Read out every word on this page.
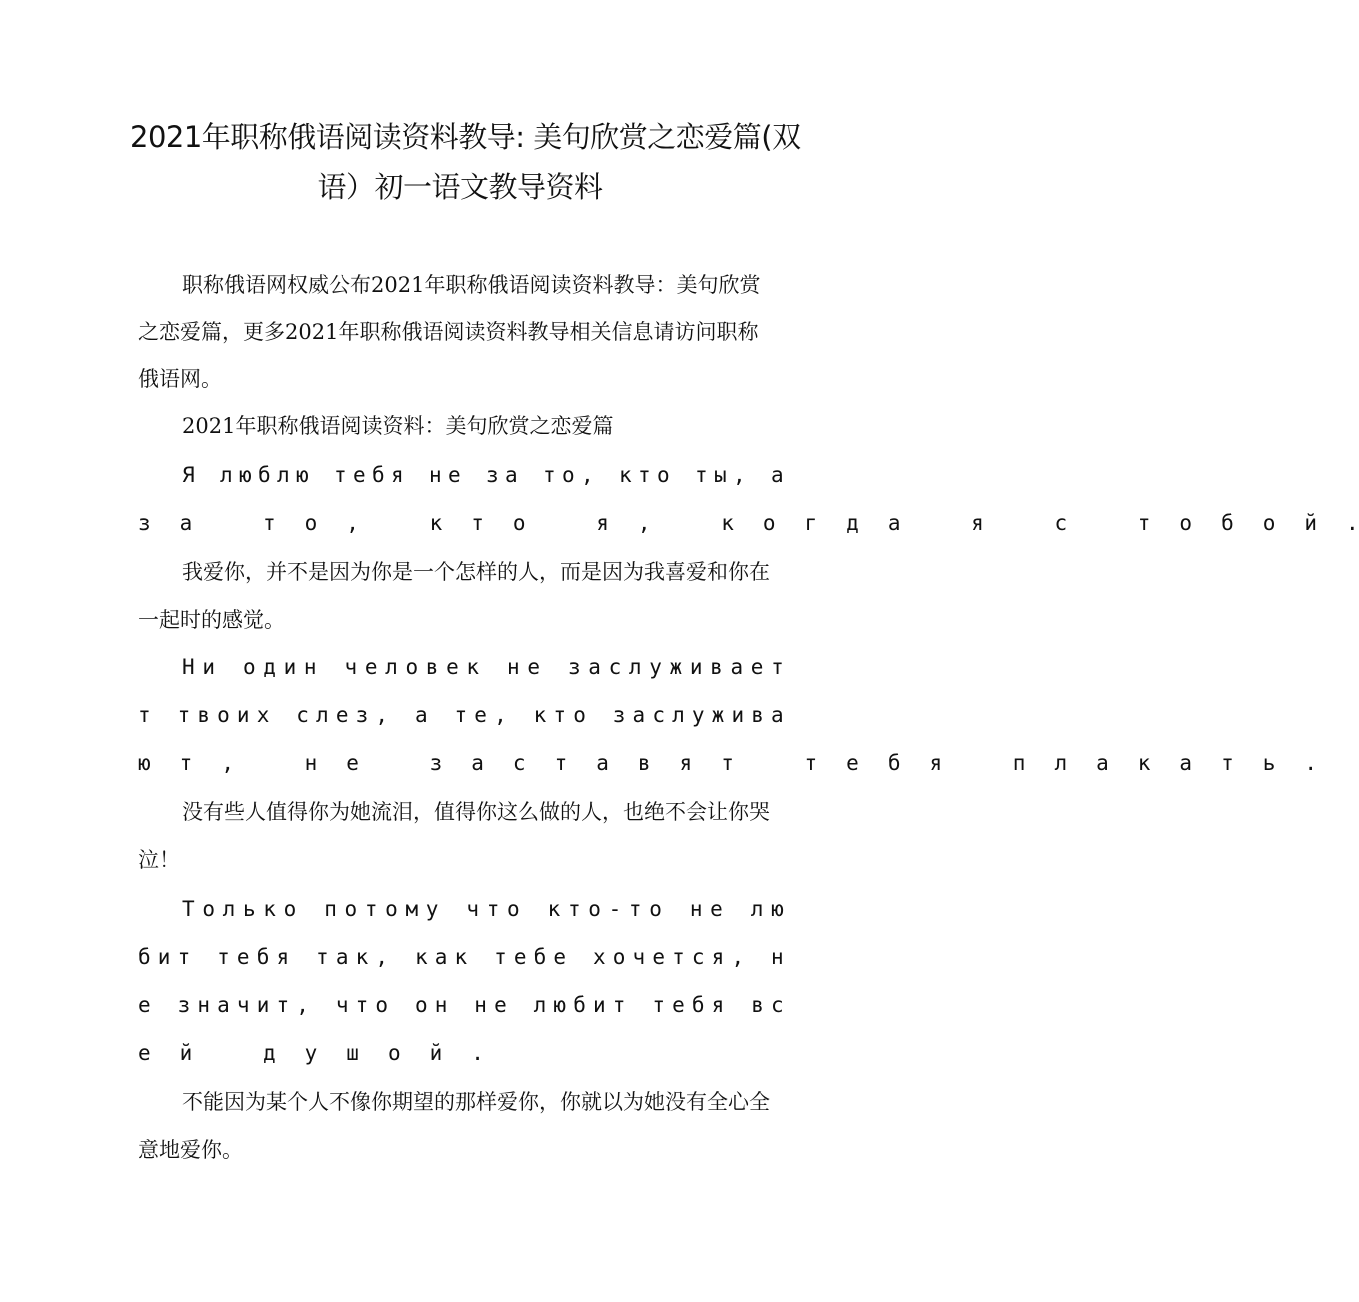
2021年职称俄语阅读资料教导: 美句欣赏之恋爱篇(双
语）初一语文教导资料
职称俄语网权威公布2021年职称俄语阅读资料教导：美句欣赏
之恋爱篇，更多2021年职称俄语阅读资料教导相关信息请访问职称
俄语网。
2021年职称俄语阅读资料：美句欣赏之恋爱篇
Я
л ю б л ю
т е б я
н е
з а
т о ,
к т о
т ы ,
а
з а
	т о ,
	к т о
	я ,
	к о г д а
	я
	с
	т о б о й .
我爱你，并不是因为你是一个怎样的人，而是因为我喜爱和你在
一起时的感觉。
Н и
о д и н
ч е л о в е к
н е
з а с л у ж и в а е т
т
т в о и х
с л е з ,
а
т е ,
к т о
з а с л у ж и в а
ю т ,
	н е
	з а с т а в я т
	т е б я
	п л а к а т ь .
没有些人值得你为她流泪，值得你这么做的人，也绝不会让你哭
泣！
Т о л ь к о
п о т о м у
ч т о
к т о - т о
н е
л ю
б и т
т е б я
т а к ,
к а к
т е б е
х о ч е т с я ,
н
е
з н а ч и т ,
ч т о
о н
н е
л ю б и т
т е б я
в с
е й
	д у ш о й .
不能因为某个人不像你期望的那样爱你，你就以为她没有全心全
意地爱你。
